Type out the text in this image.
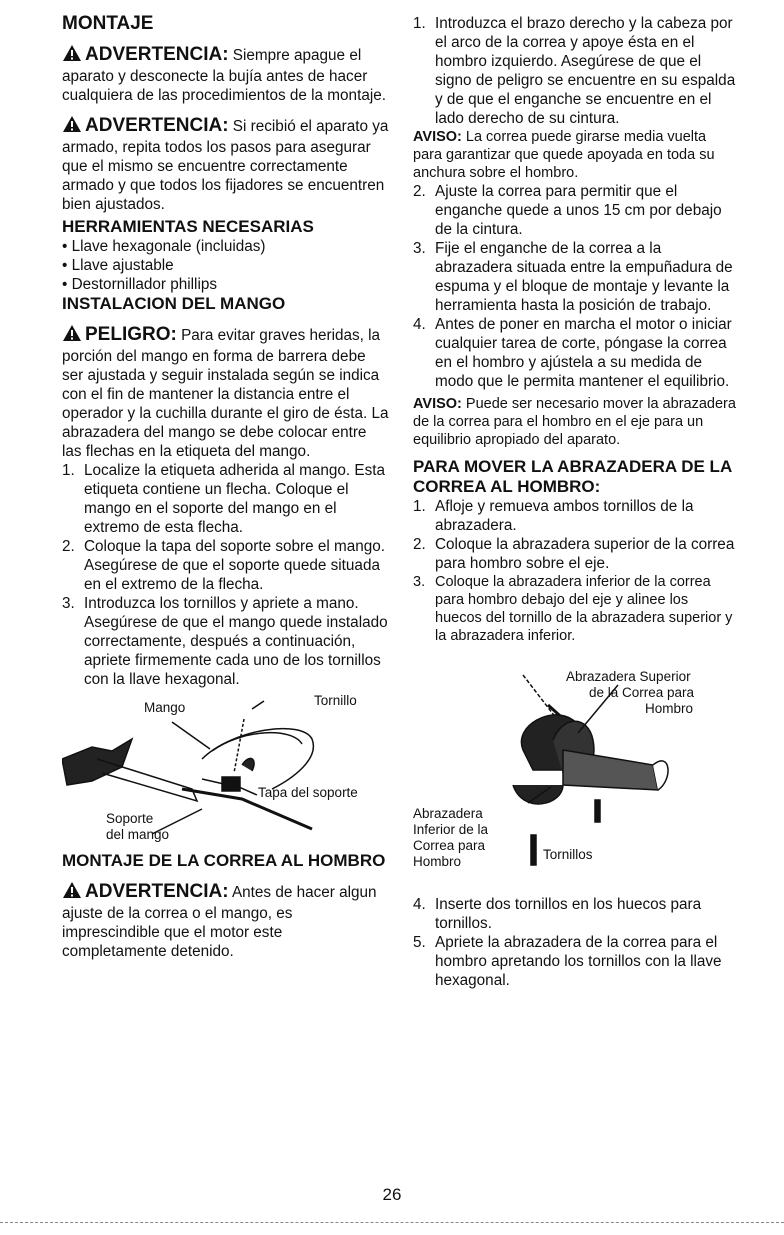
MONTAJE

ADVERTENCIA: Siempre apague el aparato y desconecte la bujía antes de hacer cualquiera de las procedimientos de la montaje.

ADVERTENCIA: Si recibió el aparato ya armado, repita todos los pasos para asegurar que el mismo se encuentre correctamente armado y que todos los fijadores se encuentren bien ajustados.

HERRAMIENTAS NECESARIAS

• Llave hexagonale (incluidas)
• Llave ajustable
• Destornillador phillips

INSTALACION DEL MANGO

PELIGRO: Para evitar graves heridas, la porción del mango en forma de barrera debe ser ajustada y seguir instalada según se indica con el fin de mantener la distancia entre el operador y la cuchilla durante el giro de ésta. La abrazadera del mango se debe colocar entre las flechas en la etiqueta del mango.

1. Localize la etiqueta adherida al mango. Esta etiqueta contiene un flecha. Coloque el mango en el soporte del mango en el extremo de esta flecha.
2. Coloque la tapa del soporte sobre el mango. Asegúrese de que el soporte quede situada en el extremo de la flecha.
3. Introduzca los tornillos y apriete a mano. Asegúrese de que el mango quede instalado correctamente, después a continuación, apriete firmemente cada uno de los tornillos con la llave hexagonal.
Mango	Tornillo
Tapa del soporte
Soporte
del mango

MONTAJE DE LA CORREA AL HOMBRO

ADVERTENCIA: Antes de hacer algun ajuste de la correa o el mango, es imprescindible que el motor este completamente detenido.

1. Introduzca el brazo derecho y la cabeza por el arco de la correa y apoye ésta en el hombro izquierdo. Asegúrese de que el signo de peligro se encuentre en su espalda y de que el enganche se encuentre en el lado derecho de su cintura.

AVISO: La correa puede girarse media vuelta para garantizar que quede apoyada en toda su anchura sobre el hombro.

2. Ajuste la correa para permitir que el enganche quede a unos 15 cm por debajo de la cintura.
3. Fije el enganche de la correa a la abrazadera situada entre la empuñadura de espuma y el bloque de montaje y levante la herramienta hasta la posición de trabajo.
4. Antes de poner en marcha el motor o iniciar cualquier tarea de corte, póngase la correa en el hombro y ajústela a su medida de modo que le permita mantener el equilibrio.

AVISO: Puede ser necesario mover la abrazadera de la correa para el hombro en el eje para un equilibrio apropiado del aparato.

PARA MOVER LA ABRAZADERA DE LA CORREA AL HOMBRO:

1. Afloje y remueva ambos tornillos de la abrazadera.
2. Coloque la abrazadera superior de la correa para hombro sobre el eje.
3. Coloque la abrazadera inferior de la correa para hombro debajo del eje y alinee los huecos del tornillo de la abrazadera superior y la abrazadera inferior.
Abrazadera Superior
de la Correa para
Hombro
Abrazadera
Inferior de la
Correa para
Hombro	Tornillos
4. Inserte dos tornillos en los huecos para tornillos.
5. Apriete la abrazadera de la correa para el hombro apretando los tornillos con la llave hexagonal.
26
